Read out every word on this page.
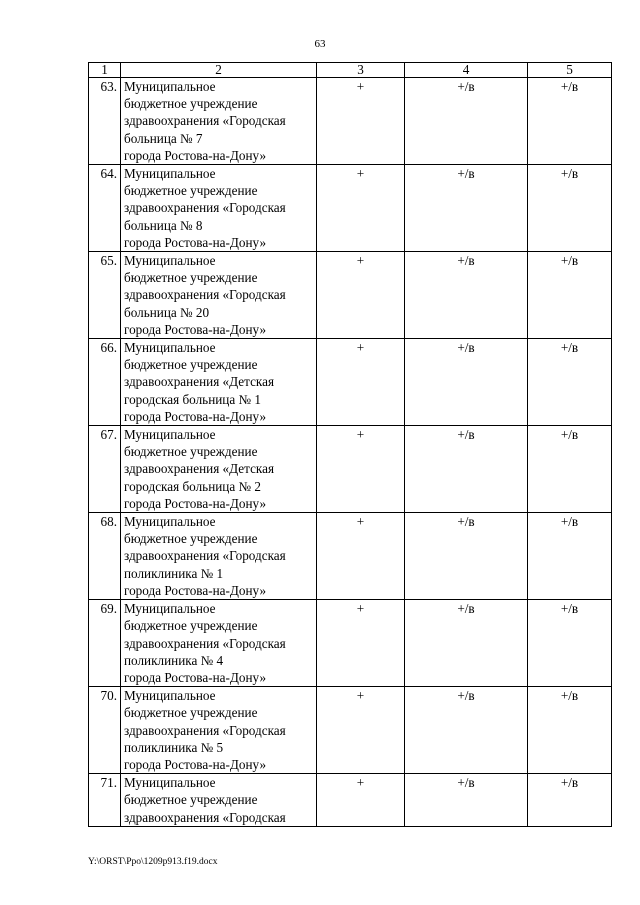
63
1	2	3	4	5
63.	Муниципальное
бюджетное учреждение
здравоохранения «Городская
больница № 7
города Ростова-на-Дону»	+	+/в	+/в
64.	Муниципальное
бюджетное учреждение
здравоохранения «Городская
больница № 8
города Ростова-на-Дону»	+	+/в	+/в
65.	Муниципальное
бюджетное учреждение
здравоохранения «Городская
больница № 20
города Ростова-на-Дону»	+	+/в	+/в
66.	Муниципальное
бюджетное учреждение
здравоохранения «Детская
городская больница № 1
города Ростова-на-Дону»	+	+/в	+/в
67.	Муниципальное
бюджетное учреждение
здравоохранения «Детская
городская больница № 2
города Ростова-на-Дону»	+	+/в	+/в
68.	Муниципальное
бюджетное учреждение
здравоохранения «Городская
поликлиника № 1
города Ростова-на-Дону»	+	+/в	+/в
69.	Муниципальное
бюджетное учреждение
здравоохранения «Городская
поликлиника № 4
города Ростова-на-Дону»	+	+/в	+/в
70.	Муниципальное
бюджетное учреждение
здравоохранения «Городская
поликлиника № 5
города Ростова-на-Дону»	+	+/в	+/в
71.	Муниципальное
бюджетное учреждение
здравоохранения «Городская	+	+/в	+/в
Y:\ORST\Ppo\1209p913.f19.docx
